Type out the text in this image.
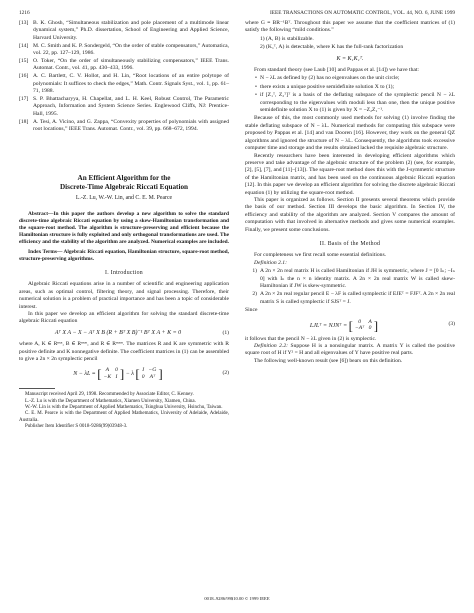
1216	IEEE TRANSACTIONS ON AUTOMATIC CONTROL, VOL. 44, NO. 6, JUNE 1999
[13] B. K. Ghosh, “Simultaneous stabilization and pole placement of a multimode linear dynamical system,” Ph.D. dissertation, School of Engineering and Applied Science, Harvard University.
[14] M. C. Smith and K. P. Sondergeld, “On the order of stable compensators,” Automatica, vol. 22, pp. 127–129, 1986.
[15] O. Toker, “On the order of simultaneously stabilizing compensators,” IEEE Trans. Automat. Contr., vol. 41, pp. 430–433, 1996.
[16] A. C. Bartlett, C. V. Hollot, and H. Lin, “Root locations of an entire polytope of polynomials: It suffices to check the edges,” Math. Contr. Signals Syst., vol. 1, pp. 61–71, 1988.
[17] S. P. Bhattacharyya, H. Chapellat, and L. H. Keel, Robust Control, The Parametric Approach, Information and System Science Series. Englewood Cliffs, NJ: Prentice-Hall, 1995.
[18] A. Tesi, A. Vicino, and G. Zappa, “Convexity properties of polynomials with assigned root locations,” IEEE Trans. Automat. Contr., vol. 39, pp. 668–672, 1994.
An Efficient Algorithm for the
Discrete-Time Algebraic Riccati Equation
L.-Z. Lu, W.-W. Lin, and C. E. M. Pearce

Abstract—In this paper the authors develop a new algorithm to solve the standard discrete-time algebraic Riccati equation by using a skew-Hamiltonian transformation and the square-root method. The algorithm is structure-preserving and efficient because the Hamiltonian structure is fully exploited and only orthogonal transformations are used. The efficiency and the stability of the algorithm are analyzed. Numerical examples are included.

Index Terms— Algebraic Riccati equation, Hamiltonian structure, square-root method, structure-preserving algorithms.

I. Introduction

Algebraic Riccati equations arise in a number of scientific and engineering application areas, such as optimal control, filtering theory, and signal processing. Therefore, their numerical solution is a problem of practical importance and has been a topic of considerable interest.

In this paper we develop an efficient algorithm for solving the standard discrete-time algebraic Riccati equation

Aᵀ X A − X − Aᵀ X B (R + Bᵀ X B)⁻¹ Bᵀ X A + K = 0	(1)

where A, K ∈ Rⁿˣⁿ, B ∈ Rⁿˣᵐ, and R ∈ Rᵐˣᵐ. The matrices R and K are symmetric with R positive definite and K nonnegative definite. The coefficient matrices in (1) can be assembled to give a 2n × 2n symplectic pencil

N − λL ≡ [ A	0
−K	I ] − λ [ I	−G
0	Aᵀ ]	(2)

Manuscript received April 29, 1998. Recommended by Associate Editor, C. Kenney.

L.-Z. Lu is with the Department of Mathematics, Xiamen University, Xiamen, China.

W.-W. Lin is with the Department of Applied Mathematics, Tsinghua University, Hsinchu, Taiwan.

C. E. M. Pearce is with the Department of Applied Mathematics, University of Adelaide, Adelaide, Australia.

Publisher Item Identifier S 0018-9286(99)03948-3.

where G ≡ BR⁻¹Bᵀ. Throughout this paper we assume that the coefficient matrices of (1) satisfy the following “mild conditions.”

1) (A, B) is stabilizable.
2) (K₁ᵀ, A) is detectable, where K has the full-rank factorization
K = K₁K₁ᵀ.

From standard theory (see Laub [10] and Pappas et al. [14]) we have that:

• N − λL as defined by (2) has no eigenvalues on the unit circle;
• there exists a unique positive semidefinite solution X to (1);
• if [Z₁ᵀ, Z₂ᵀ]ᵀ is a basis of the deflating subspace of the symplectic pencil N − λL corresponding to the eigenvalues with moduli less than one, then the unique positive semidefinite solution X to (1) is given by X = −Z₂Z₁⁻¹.

Because of this, the most commonly used methods for solving (1) involve finding the stable deflating subspace of N − λL. Numerical methods for computing this subspace were proposed by Pappas et al. [14] and van Dooren [16]. However, they work on the general QZ algorithms and ignored the structure of N − λL. Consequently, the algorithms took excessive computer time and storage and the results obtained lacked the requisite algebraic structure.

Recently researchers have been interested in developing efficient algorithms which preserve and take advantage of the algebraic structure of the problem (2) (see, for example, [2], [5], [7], and [11]–[13]). The square-root method does this with the J-symmetric structure of the Hamiltonian matrix, and has been used on the continuous algebraic Riccati equation [12]. In this paper we develop an efficient algorithm for solving the discrete algebraic Riccati equation (1) by utilizing the square-root method.

This paper is organized as follows. Section II presents several theorems which provide the basis of our method. Section III develops the basic algorithm. In Section IV, the efficiency and stability of the algorithm are analyzed. Section V compares the amount of computation with that involved in alternative methods and gives some numerical examples. Finally, we present some conclusions.

II. Basis of the Method

For completeness we first recall some essential definitions.

Definition 2.1:

1) A 2n × 2n real matrix H is called Hamiltonian if JH is symmetric, where J = [0 Iₙ; −Iₙ 0] with Iₙ the n × n identity matrix. A 2n × 2n real matrix W is called skew-Hamiltonian if JW is skew-symmetric.
2) A 2n × 2n real regular pencil E − λF is called symplectic if EJEᵀ = FJFᵀ. A 2n × 2n real matrix S is called symplectic if SJSᵀ = J.

Since

LJLᵀ = NJNᵀ = [ 0	A
−Aᵀ	0 ]	(3)

it follows that the pencil N − λL given in (2) is symplectic.

Definition 2.2: Suppose H is a nonsingular matrix. A matrix Y is called the positive square root of H if Y² = H and all eigenvalues of Y have positive real parts.

The following well-known result (see [6]) bears on this definition.

0018–9286/99$10.00 © 1999 IEEE
